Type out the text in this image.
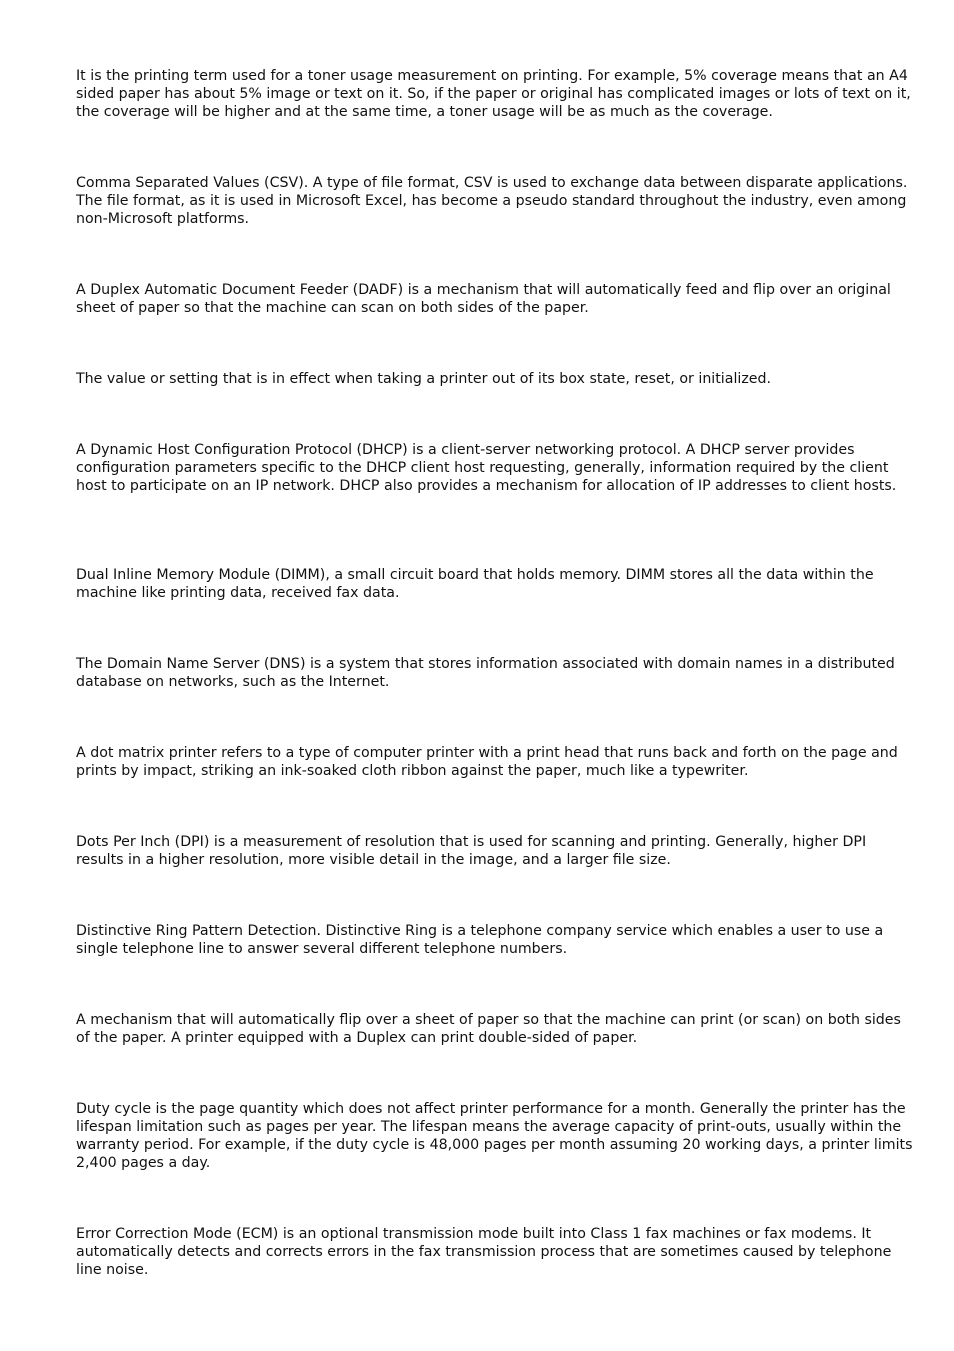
It is the printing term used for a toner usage measurement on printing. For example, 5% coverage means that an A4 sided paper has about 5% image or text on it. So, if the paper or original has complicated images or lots of text on it, the coverage will be higher and at the same time, a toner usage will be as much as the coverage.

Comma Separated Values (CSV). A type of file format, CSV is used to exchange data between disparate applications. The file format, as it is used in Microsoft Excel, has become a pseudo standard throughout the industry, even among non-Microsoft platforms.

A Duplex Automatic Document Feeder (DADF) is a mechanism that will automatically feed and flip over an original sheet of paper so that the machine can scan on both sides of the paper.

The value or setting that is in effect when taking a printer out of its box state, reset, or initialized.

A Dynamic Host Configuration Protocol (DHCP) is a client-server networking protocol. A DHCP server provides configuration parameters specific to the DHCP client host requesting, generally, information required by the client host to participate on an IP network. DHCP also provides a mechanism for allocation of IP addresses to client hosts.

Dual Inline Memory Module (DIMM), a small circuit board that holds memory. DIMM stores all the data within the machine like printing data, received fax data.

The Domain Name Server (DNS) is a system that stores information associated with domain names in a distributed database on networks, such as the Internet.

A dot matrix printer refers to a type of computer printer with a print head that runs back and forth on the page and prints by impact, striking an ink-soaked cloth ribbon against the paper, much like a typewriter.

Dots Per Inch (DPI) is a measurement of resolution that is used for scanning and printing. Generally, higher DPI results in a higher resolution, more visible detail in the image, and a larger file size.

Distinctive Ring Pattern Detection. Distinctive Ring is a telephone company service which enables a user to use a single telephone line to answer several different telephone numbers.

A mechanism that will automatically flip over a sheet of paper so that the machine can print (or scan) on both sides of the paper. A printer equipped with a Duplex can print double-sided of paper.

Duty cycle is the page quantity which does not affect printer performance for a month. Generally the printer has the lifespan limitation such as pages per year. The lifespan means the average capacity of print-outs, usually within the warranty period. For example, if the duty cycle is 48,000 pages per month assuming 20 working days, a printer limits 2,400 pages a day.

Error Correction Mode (ECM) is an optional transmission mode built into Class 1 fax machines or fax modems. It automatically detects and corrects errors in the fax transmission process that are sometimes caused by telephone line noise.
